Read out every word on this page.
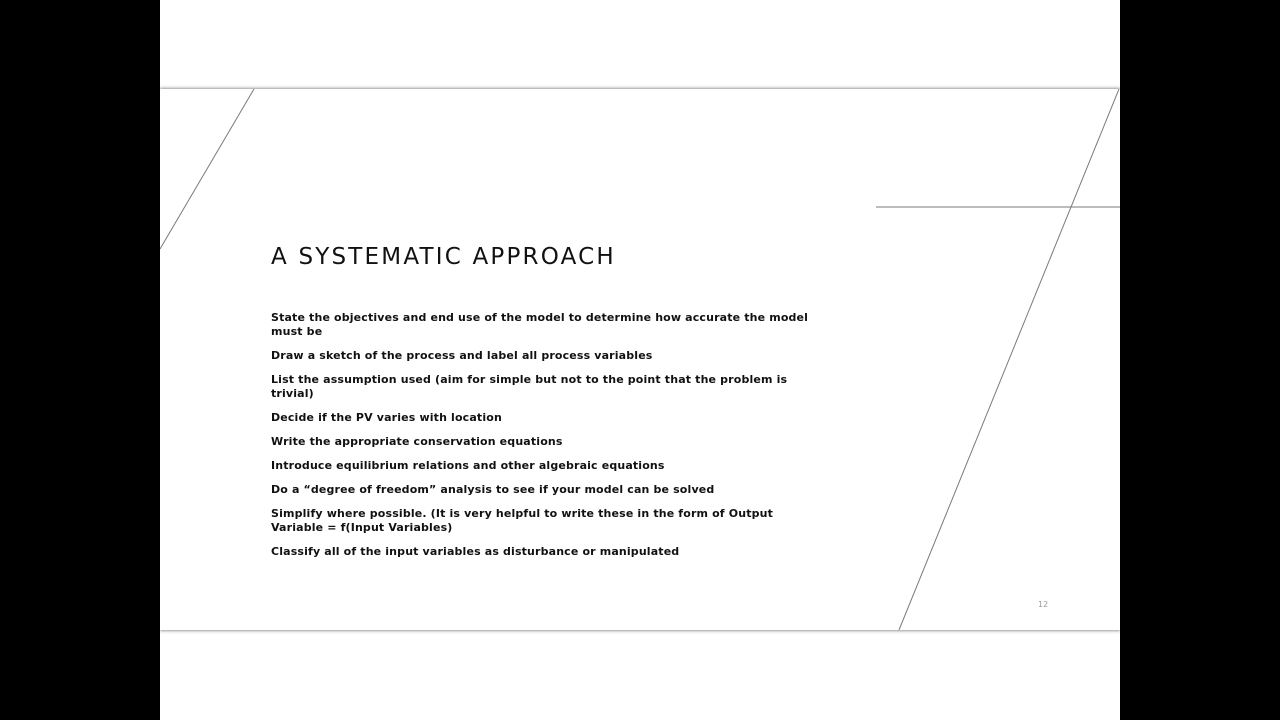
A SYSTEMATIC APPROACH
State the objectives and end use of the model to determine how accurate the model must be
Draw a sketch of the process and label all process variables
List the assumption used (aim for simple but not to the point that the problem is trivial)
Decide if the PV varies with location
Write the appropriate conservation equations
Introduce equilibrium relations and other algebraic equations
Do a “degree of freedom” analysis to see if your model can be solved
Simplify where possible. (It is very helpful to write these in the form of Output Variable = f(Input Variables)
Classify all of the input variables as disturbance or manipulated
12
